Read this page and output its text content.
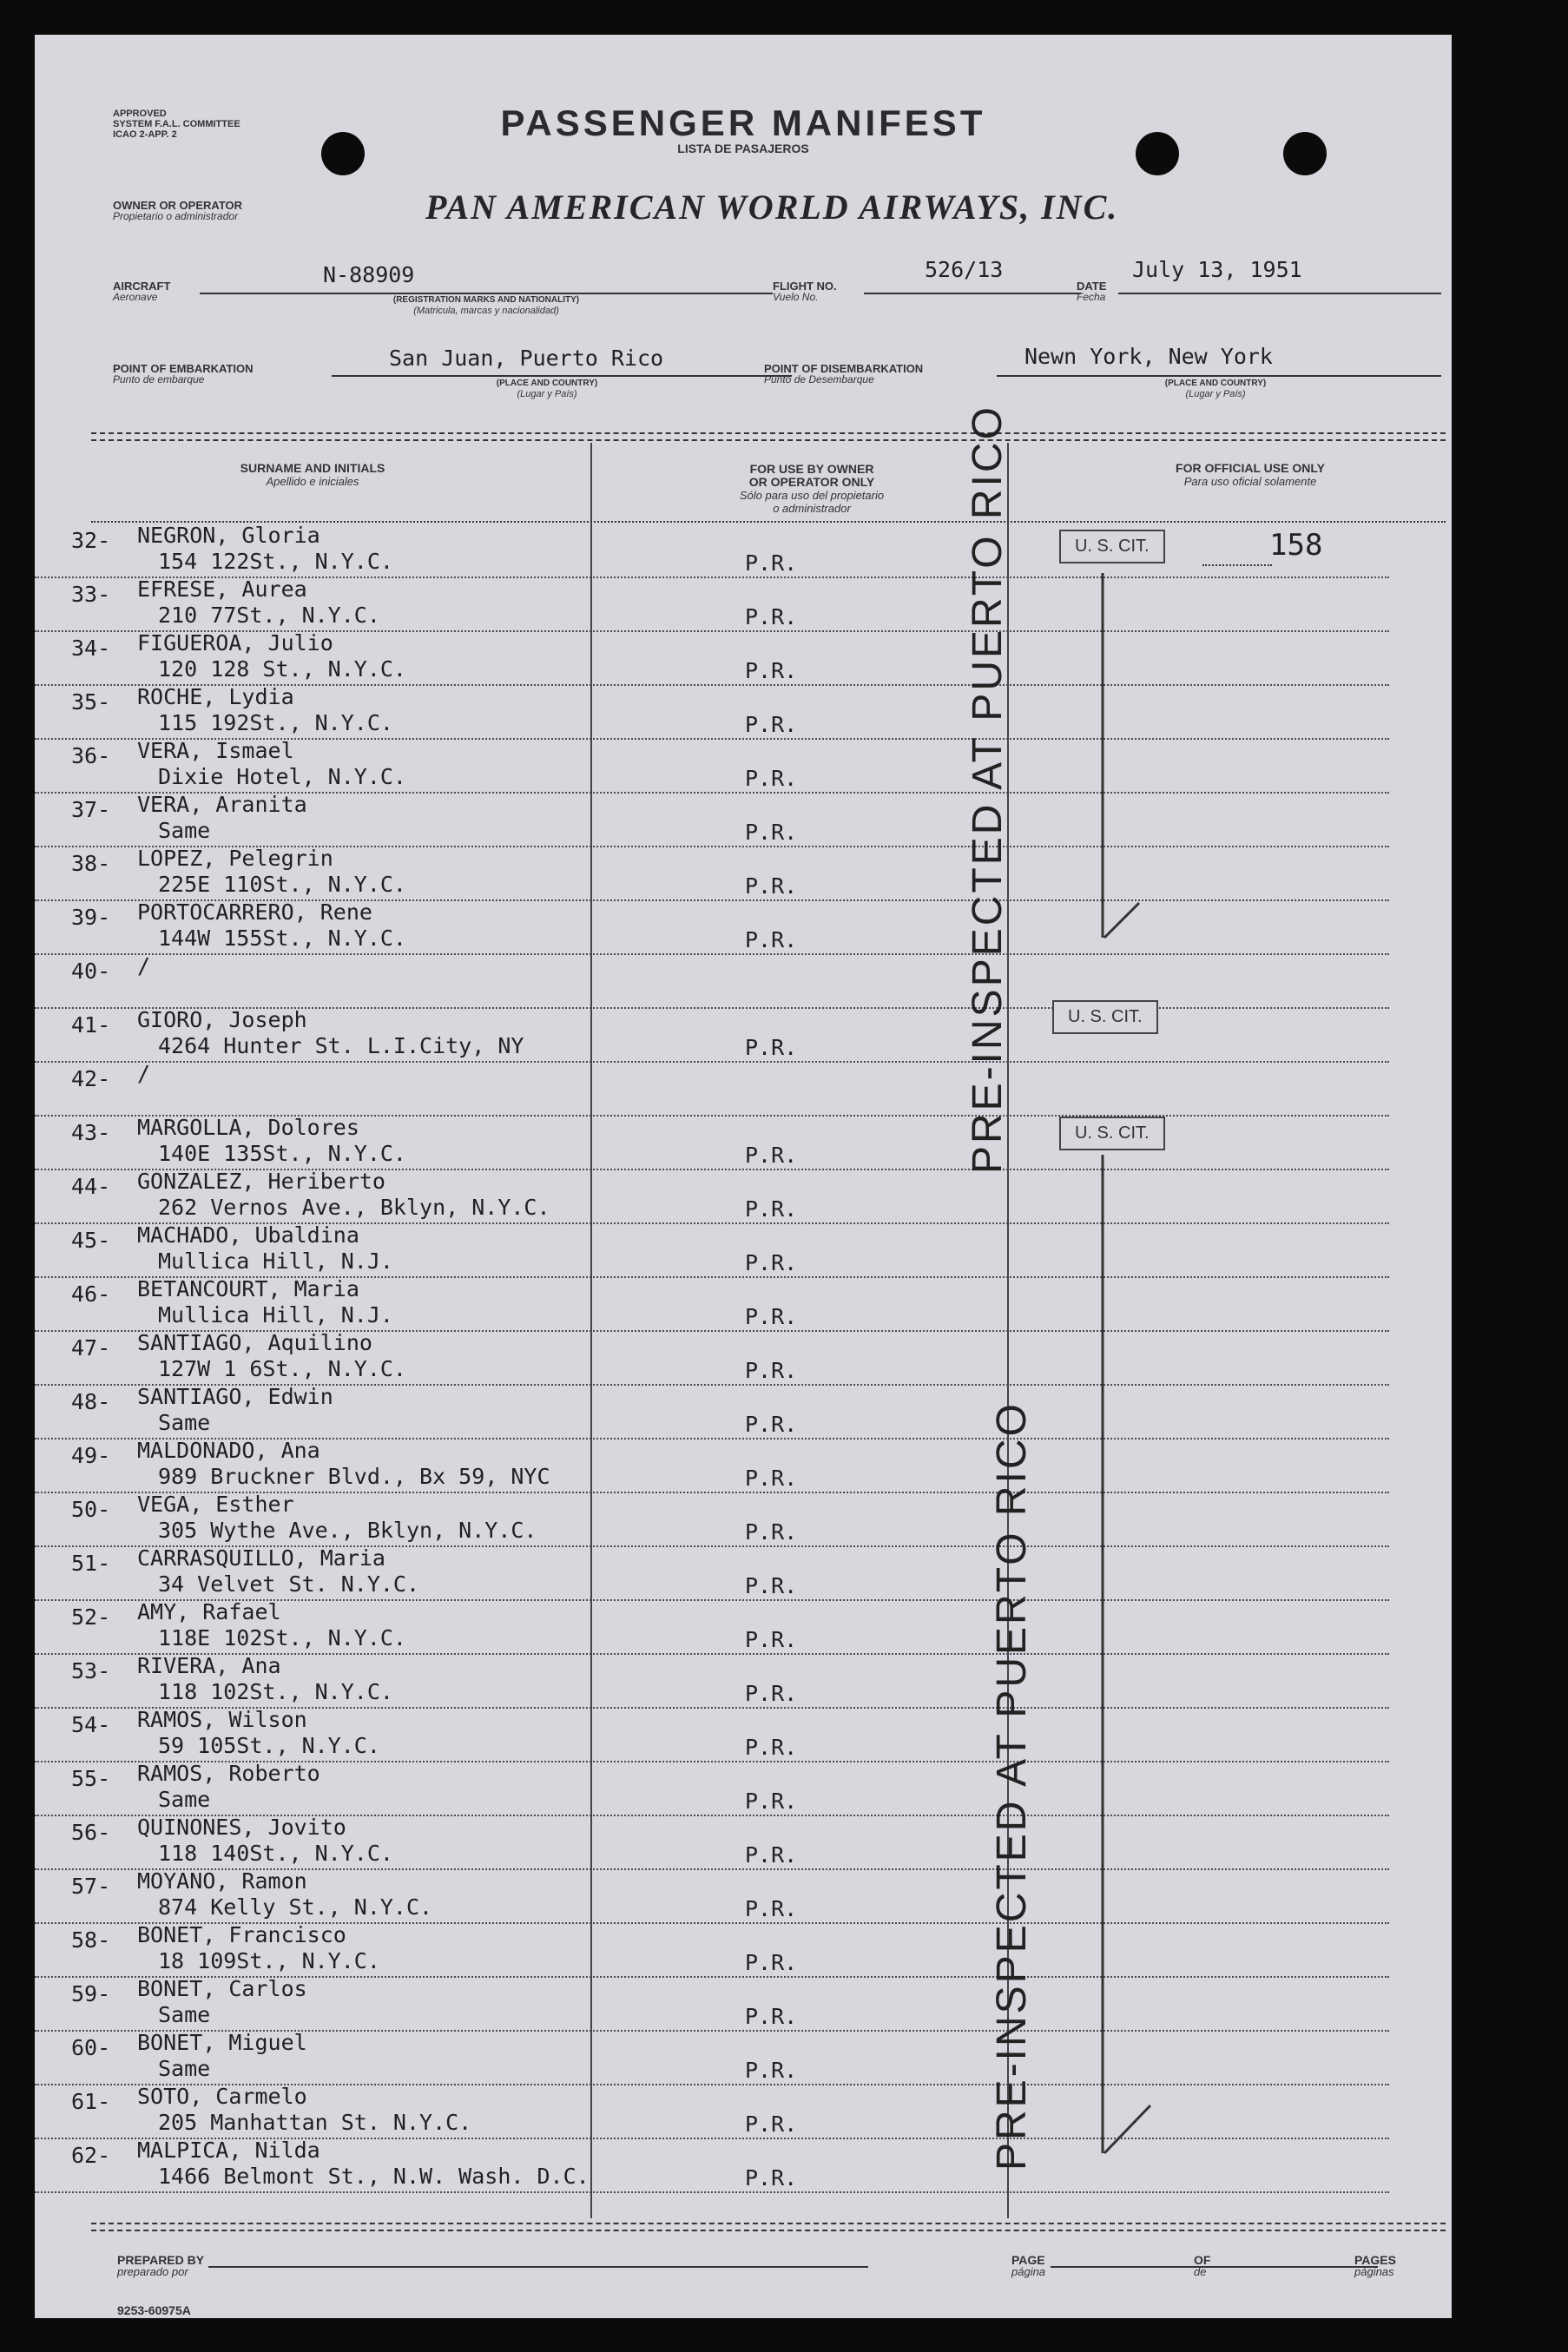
APPROVED
SYSTEM F.A.L. COMMITTEE
ICAO 2-APP. 2	PASSENGER MANIFEST
LISTA DE PASAJEROS
OWNER OR OPERATOR
Propietario o administrador	PAN AMERICAN WORLD AIRWAYS, INC.
AIRCRAFT
Aeronave
N-88909
(REGISTRATION MARKS AND NATIONALITY)
(Matricula, marcas y nacionalidad)
FLIGHT NO.
Vuelo No.
526/13
DATE
Fecha
July 13, 1951
POINT OF EMBARKATION
Punto de embarque
San Juan, Puerto Rico
(PLACE AND COUNTRY)
(Lugar y País)
POINT OF DISEMBARKATION
Punto de Desembarque
Newn York, New York
(PLACE AND COUNTRY)
(Lugar y País)
SURNAME AND INITIALS
Apellido e iniciales

FOR USE BY OWNER
OR OPERATOR ONLY
Sólo para uso del propietario
o administrador

FOR OFFICIAL USE ONLY
Para uso oficial solamente
32- NEGRON, Gloria
154 122St., N.Y.C.	P.R.
33- EFRESE, Aurea
210 77St., N.Y.C.	P.R.
34- FIGUEROA, Julio
120 128 St., N.Y.C.	P.R.
35- ROCHE, Lydia
115 192St., N.Y.C.	P.R.
36- VERA, Ismael
Dixie Hotel, N.Y.C.	P.R.
37- VERA, Aranita
Same	P.R.
38- LOPEZ, Pelegrin
225E 110St., N.Y.C.	P.R.
39- PORTOCARRERO, Rene
144W 155St., N.Y.C.	P.R.
40- /
41- GIORO, Joseph
4264 Hunter St. L.I.City, NY	P.R.
42- /
43- MARGOLLA, Dolores
140E 135St., N.Y.C.	P.R.
44- GONZALEZ, Heriberto
262 Vernos Ave., Bklyn, N.Y.C.	P.R.
45- MACHADO, Ubaldina
Mullica Hill, N.J.	P.R.
46- BETANCOURT, Maria
Mullica Hill, N.J.	P.R.
47- SANTIAGO, Aquilino
127W 1 6St., N.Y.C.	P.R.
48- SANTIAGO, Edwin
Same	P.R.
49- MALDONADO, Ana
989 Bruckner Blvd., Bx 59, NYC	P.R.
50- VEGA, Esther
305 Wythe Ave., Bklyn, N.Y.C.	P.R.
51- CARRASQUILLO, Maria
34 Velvet St. N.Y.C.	P.R.
52- AMY, Rafael
118E 102St., N.Y.C.	P.R.
53- RIVERA, Ana
118 102St., N.Y.C.	P.R.
54- RAMOS, Wilson
59 105St., N.Y.C.	P.R.
55- RAMOS, Roberto
Same	P.R.
56- QUINONES, Jovito
118 140St., N.Y.C.	P.R.
57- MOYANO, Ramon
874 Kelly St., N.Y.C.	P.R.
58- BONET, Francisco
18 109St., N.Y.C.	P.R.
59- BONET, Carlos
Same	P.R.
60- BONET, Miguel
Same	P.R.
61- SOTO, Carmelo
205 Manhattan St. N.Y.C.	P.R.
62- MALPICA, Nilda
1466 Belmont St., N.W. Wash. D.C.	P.R.
U. S. CIT.	158
U. S. CIT.
U. S. CIT.
PRE-INSPECTED AT PUERTO RICO
PRE-INSPECTED AT PUERTO RICO
PREPARED BY
preparado por
PAGE
página
OF
de
PAGES
páginas
9253-60975A
